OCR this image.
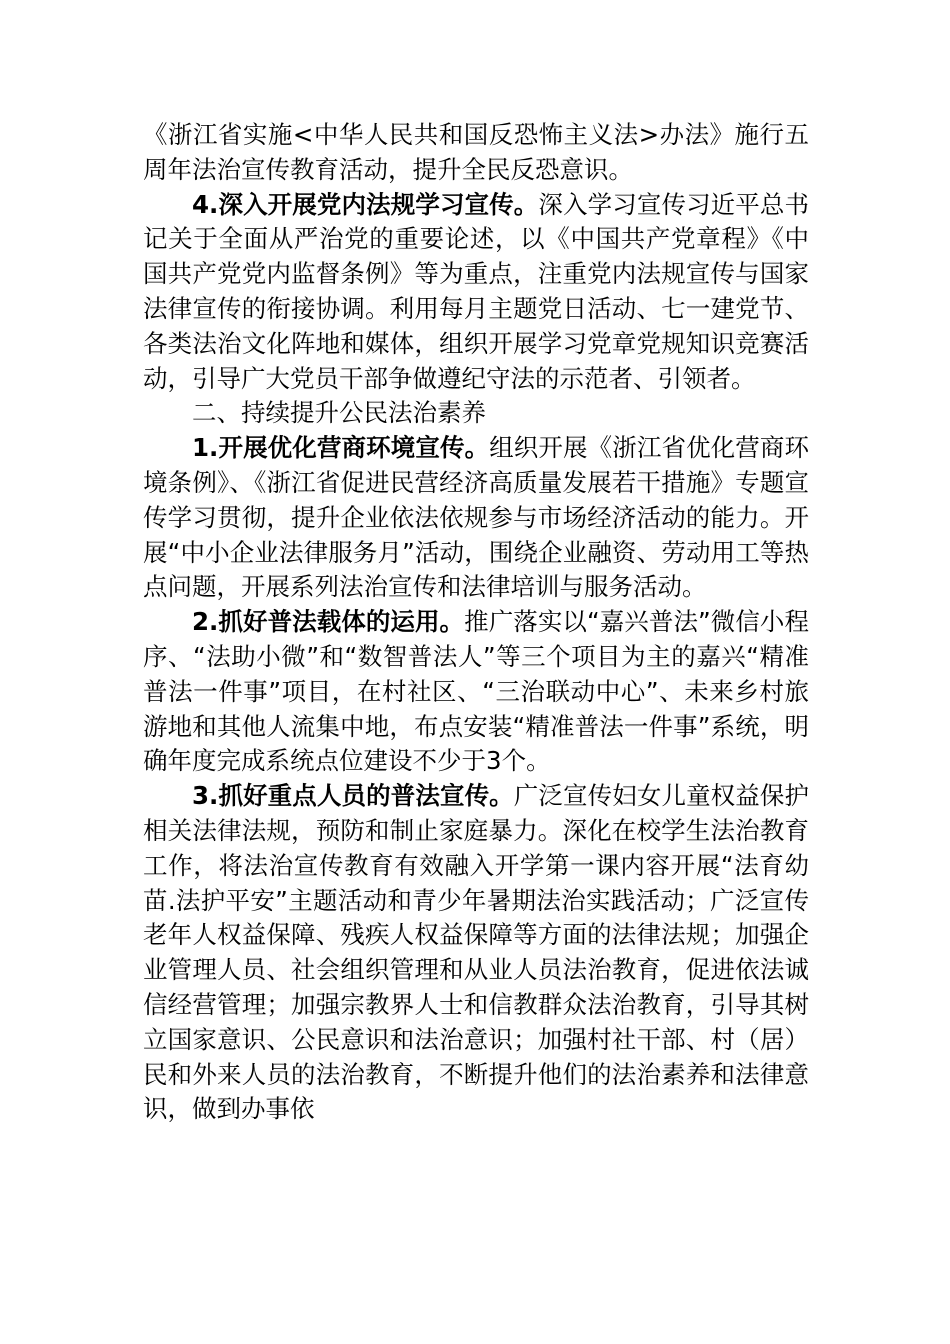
《浙江省实施<中华人民共和国反恐怖主义法>办法》施行五周年法治宣传教育活动，提升全民反恐意识。

4.深入开展党内法规学习宣传。深入学习宣传习近平总书记关于全面从严治党的重要论述，以《中国共产党章程》《中国共产党党内监督条例》等为重点，注重党内法规宣传与国家法律宣传的衔接协调。利用每月主题党日活动、七一建党节、各类法治文化阵地和媒体，组织开展学习党章党规知识竞赛活动，引导广大党员干部争做遵纪守法的示范者、引领者。

二、持续提升公民法治素养

1.开展优化营商环境宣传。组织开展《浙江省优化营商环境条例》、《浙江省促进民营经济高质量发展若干措施》专题宣传学习贯彻，提升企业依法依规参与市场经济活动的能力。开展“中小企业法律服务月”活动，围绕企业融资、劳动用工等热点问题，开展系列法治宣传和法律培训与服务活动。

2.抓好普法载体的运用。推广落实以“嘉兴普法”微信小程序、“法助小微”和“数智普法人”等三个项目为主的嘉兴“精准普法一件事”项目，在村社区、“三治联动中心”、未来乡村旅游地和其他人流集中地，布点安装“精准普法一件事”系统，明确年度完成系统点位建设不少于3个。

3.抓好重点人员的普法宣传。广泛宣传妇女儿童权益保护相关法律法规，预防和制止家庭暴力。深化在校学生法治教育工作，将法治宣传教育有效融入开学第一课内容开展“法育幼苗.法护平安”主题活动和青少年暑期法治实践活动；广泛宣传老年人权益保障、残疾人权益保障等方面的法律法规；加强企业管理人员、社会组织管理和从业人员法治教育，促进依法诚信经营管理；加强宗教界人士和信教群众法治教育，引导其树立国家意识、公民意识和法治意识；加强村社干部、村（居）民和外来人员的法治教育，不断提升他们的法治素养和法律意识，做到办事依
